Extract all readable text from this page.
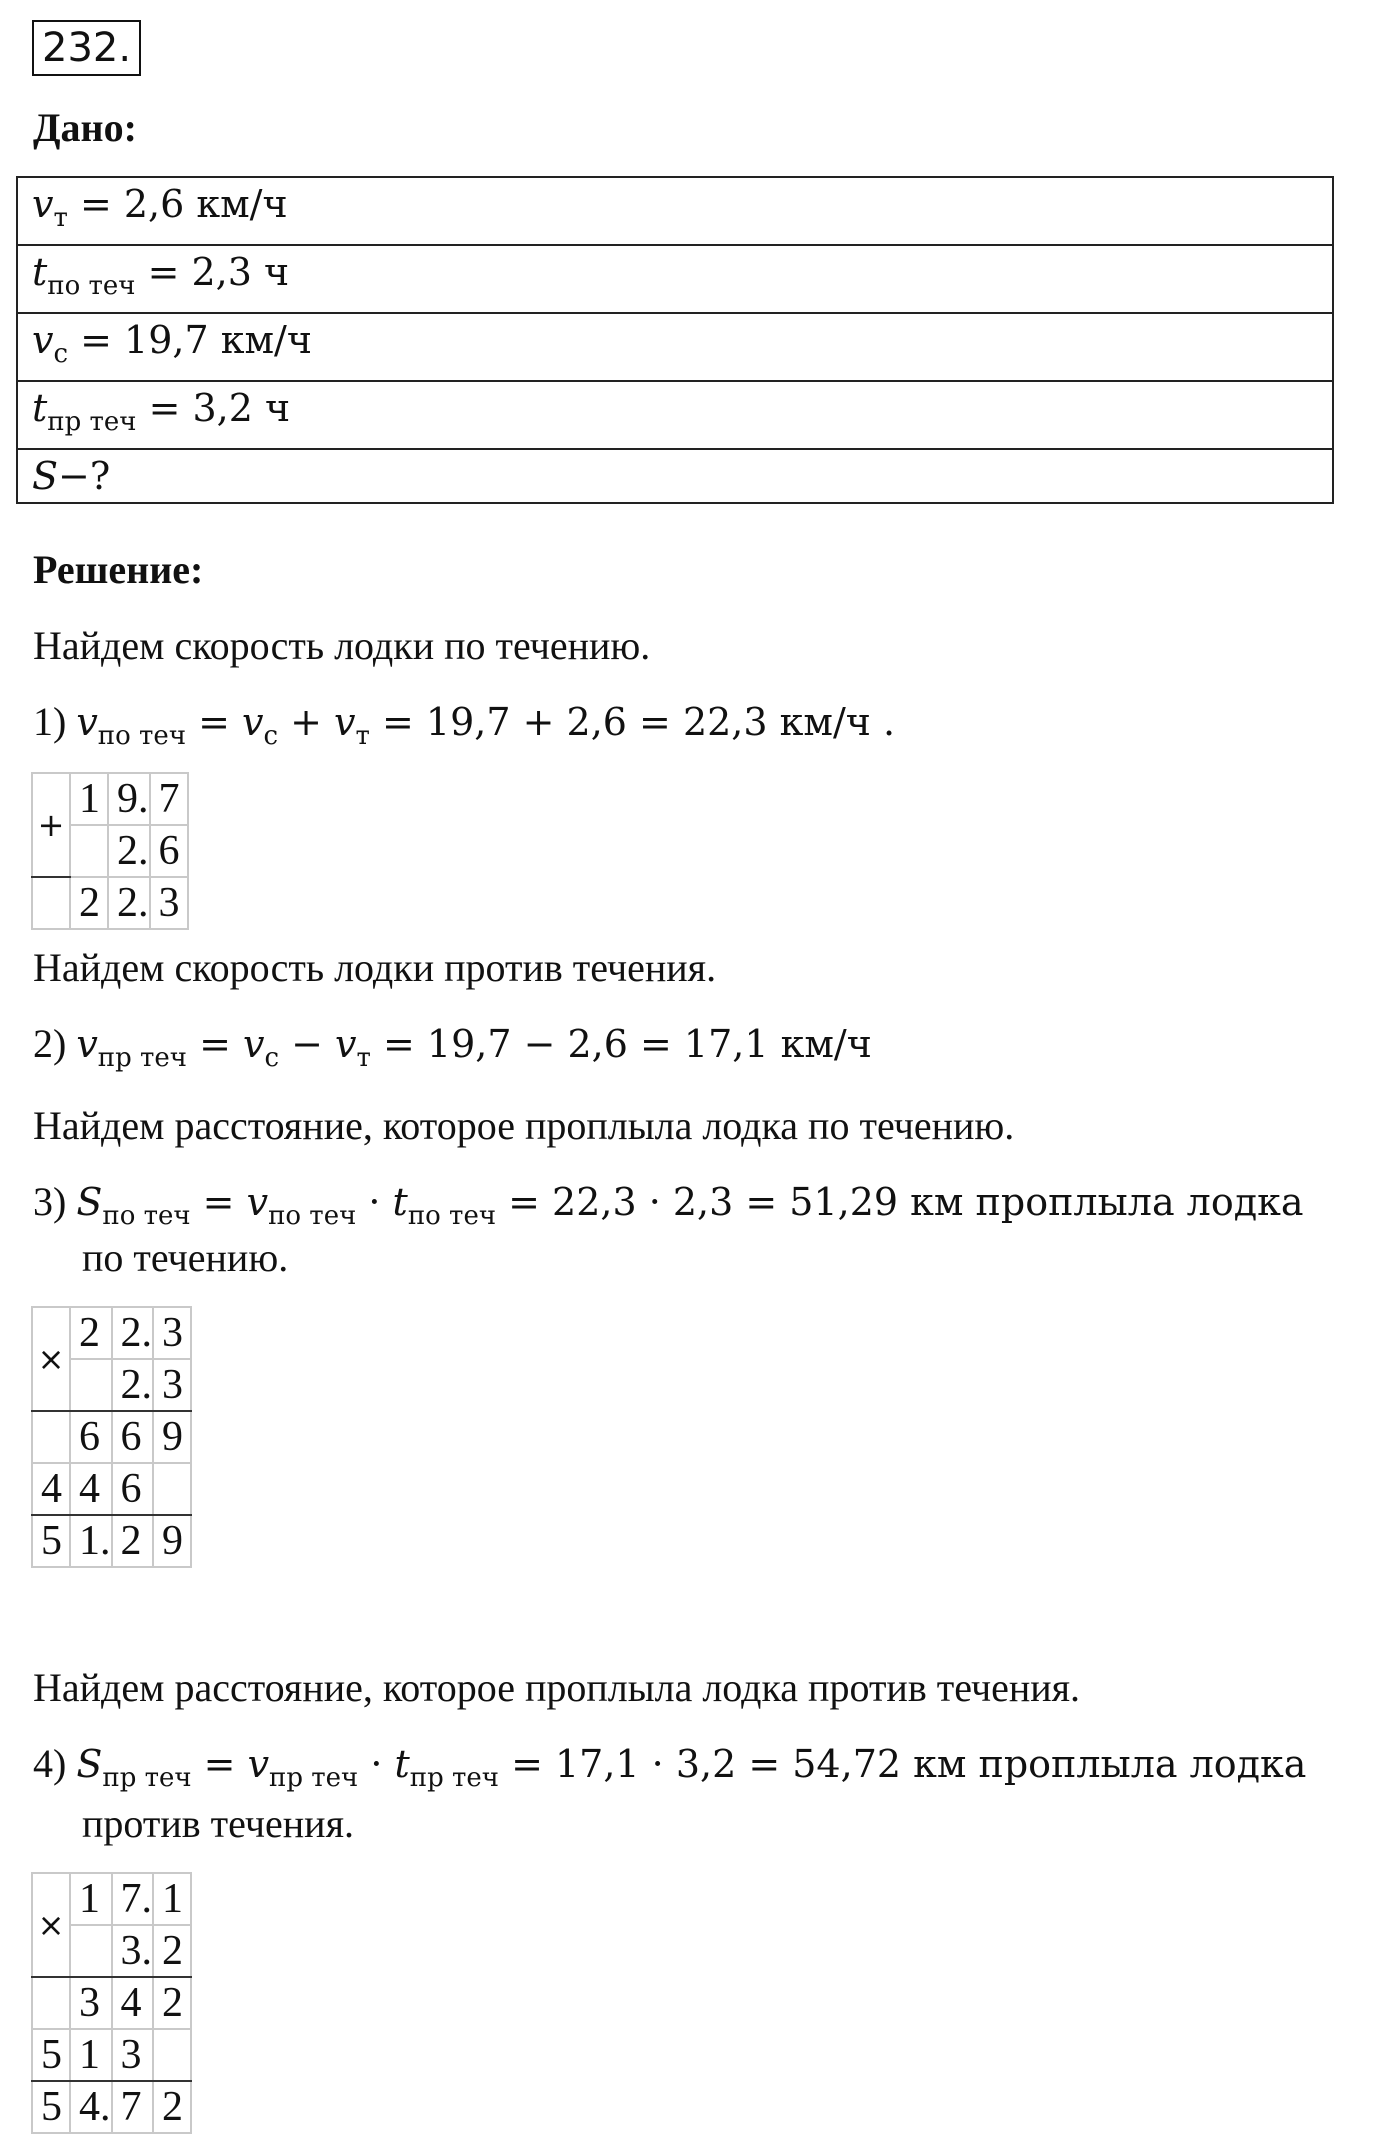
232.
Дано:
$v_т = 2,6$ км/ч
$t_{по теч} = 2,3$ ч
$v_с = 19,7$ км/ч
$t_{пр теч} = 3,2$ ч
S−?
Решение:
Найдем скорость лодки по течению.
1) $v_{по теч} = v_c + v_т = 19,7 + 2,6 = 22,3$ км/ч .
+	1	9.	7
		2.	6
	2	2.	3
Найдем скорость лодки против течения.
2) $v_{пр теч} = v_c - v_т = 19,7 - 2,6 = 17,1$ км/ч
Найдем расстояние, которое проплыла лодка по течению.
3) $S_{по теч} = v_{по теч} \cdot t_{по теч} = 22,3 \cdot 2,3 = 51,29$ км проплыла лодка
по течению.
×	2	2.	3
		2.	3
	6	6	9
4	4	6	
5	1.	2	9
Найдем расстояние, которое проплыла лодка против течения.
4) $S_{пр теч} = v_{пр теч} \cdot t_{пр теч} = 17,1 \cdot 3,2 = 54,72$ км проплыла лодка
против течения.
×	1	7.	1
		3.	2
	3	4	2
5	1	3	
5	4.	7	2
